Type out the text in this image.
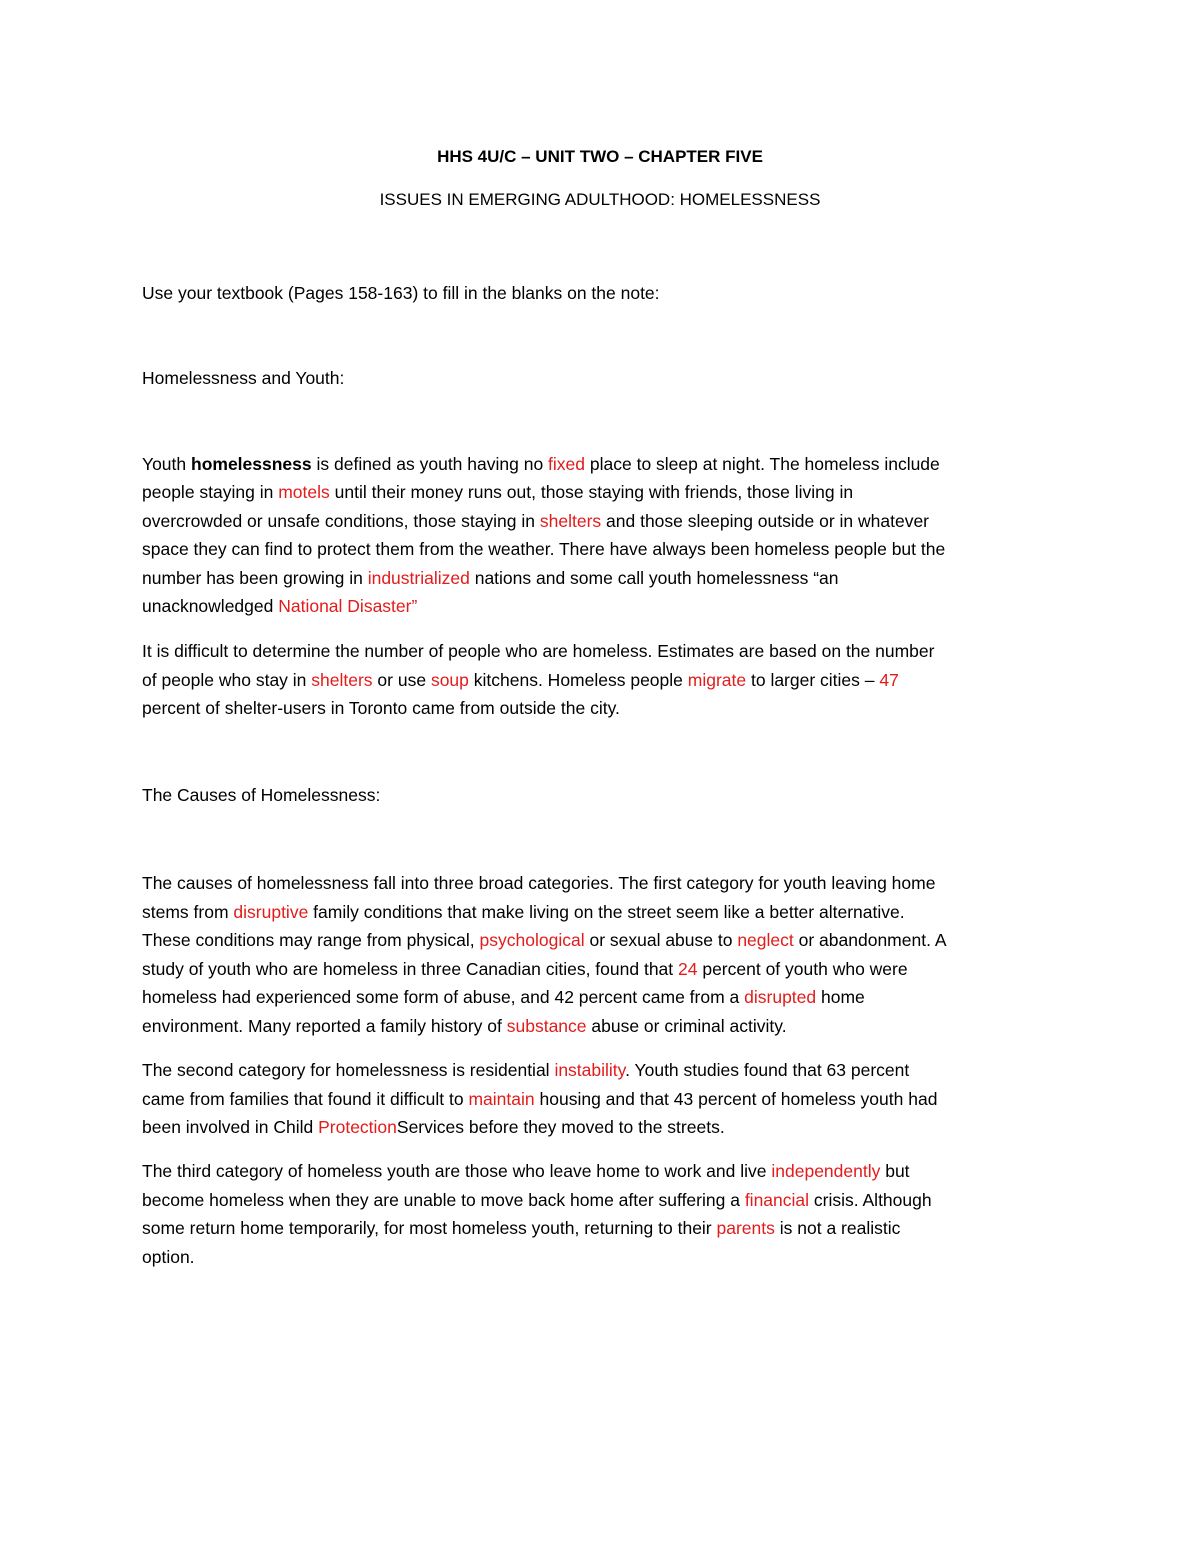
HHS 4U/C – UNIT TWO – CHAPTER FIVE
ISSUES IN EMERGING ADULTHOOD: HOMELESSNESS
Use your textbook (Pages 158-163) to fill in the blanks on the note:
Homelessness and Youth:
Youth homelessness is defined as youth having no fixed place to sleep at night. The homeless include
people staying in motels until their money runs out, those staying with friends, those living in
overcrowded or unsafe conditions, those staying in shelters and those sleeping outside or in whatever
space they can find to protect them from the weather. There have always been homeless people but the
number has been growing in industrialized nations and some call youth homelessness “an
unacknowledged National Disaster”
It is difficult to determine the number of people who are homeless. Estimates are based on the number
of people who stay in shelters or use soup kitchens. Homeless people migrate to larger cities – 47
percent of shelter-users in Toronto came from outside the city.
The Causes of Homelessness:
The causes of homelessness fall into three broad categories. The first category for youth leaving home
stems from disruptive family conditions that make living on the street seem like a better alternative.
These conditions may range from physical, psychological or sexual abuse to neglect or abandonment. A
study of youth who are homeless in three Canadian cities, found that 24 percent of youth who were
homeless had experienced some form of abuse, and 42 percent came from a disrupted home
environment. Many reported a family history of substance abuse or criminal activity.
The second category for homelessness is residential instability. Youth studies found that 63 percent
came from families that found it difficult to maintain housing and that 43 percent of homeless youth had
been involved in Child ProtectionServices before they moved to the streets.
The third category of homeless youth are those who leave home to work and live independently but
become homeless when they are unable to move back home after suffering a financial crisis. Although
some return home temporarily, for most homeless youth, returning to their parents is not a realistic
option.
